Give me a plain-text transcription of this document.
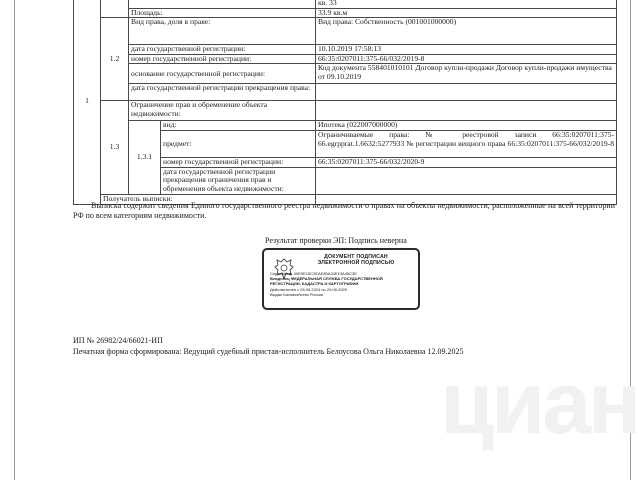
1				кв. 33
		Площадь:		33.9 кв.м
	1.2	Вид права, доля в праве:		Вид права: Собственность (001001000000)
		дата государственной регистрации:		10.10.2019 17:58:13
		номер государственной регистрации:		66:35:0207011:375-66/032/2019-8
		основание государственной регистрации:		Код документа 558401010101 Договор купли-продажи Договор купли-продажи имущества от 09.10.2019
		дата государственной регистрации прекращения права:		
	1.3	Ограничение прав и обременение объекта недвижимости:		
		1.3.1	вид:	Ипотека (022007000000)
			предмет:	Ограничиваемые права: № реестровой записи 66:35:0207011:375-66.egrpprat.1.6632:5277933 № регистрации вещного права 66:35:0207011:375-66/032/2019-8
			номер государственной регистрации:	66:35:0207011:375-66/032/2020-9
			дата государственной регистрации прекращения ограничения прав и обременения объекта недвижимости:	
	Получатель выписки:			
Выписка содержит сведения Единого государственного реестра недвижимости о правах на объекты недвижимости, расположенные на всей территории РФ по всем категориям недвижимости.
Результат проверки ЭП: Подпись неверна
ДОКУМЕНТ ПОДПИСАН
ЭЛЕКТРОННОЙ ПОДПИСЬЮ
Сертификат 00E9E15C3EAE85A34E13A45C3E
Владелец ФЕДЕРАЛЬНАЯ СЛУЖБА ГОСУДАРСТВЕННОЙ
РЕГИСТРАЦИИ, КАДАСТРА И КАРТОГРАФИИ
Действителен с 05.06.2024 по 29.08.2025
Выдан Казначейство России
ИП № 26982/24/66021-ИП
Печатная форма сформирована: Ведущий судебный пристав-исполнитель Белоусова Ольга Николаевна 12.09.2025
циан
